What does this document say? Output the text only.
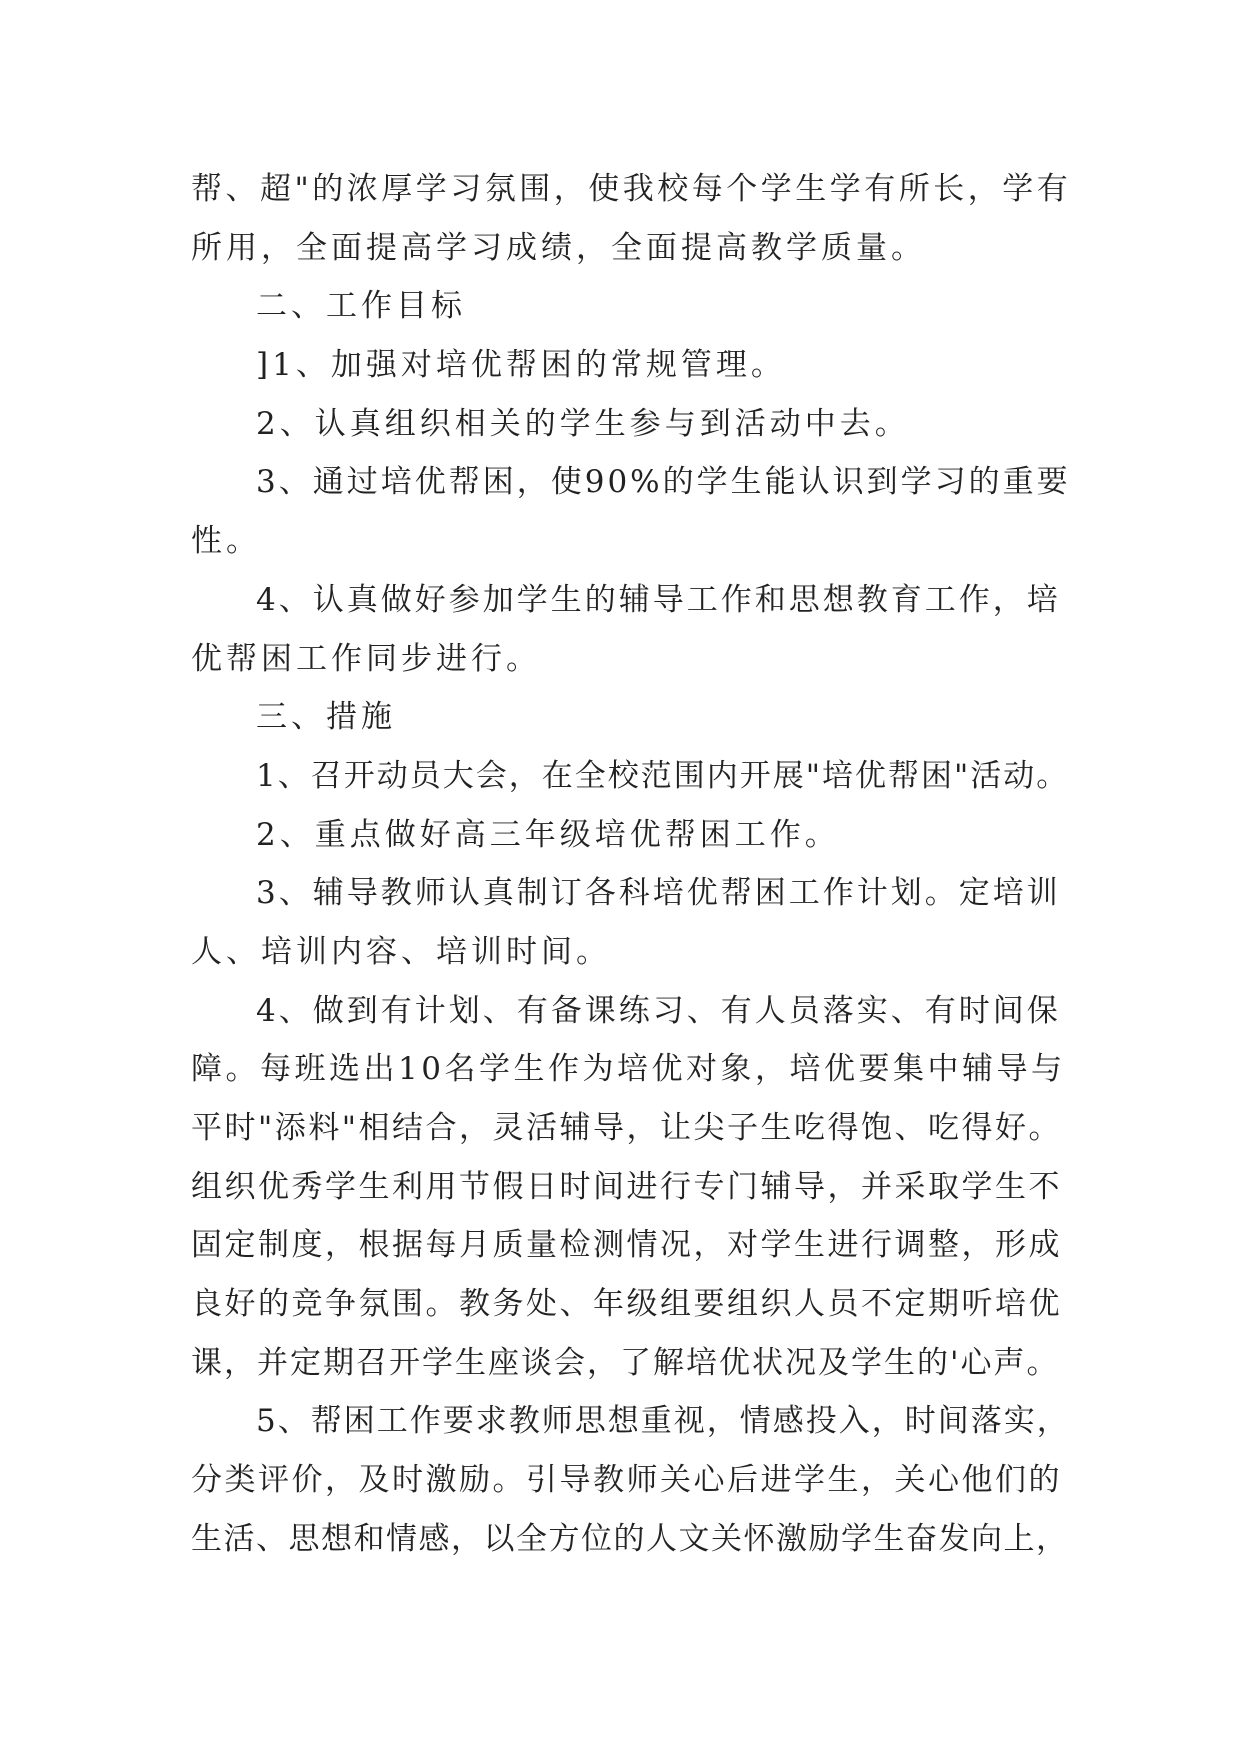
帮、超"的浓厚学习氛围，使我校每个学生学有所长，学有
所用，全面提高学习成绩，全面提高教学质量。
二、工作目标
]1、加强对培优帮困的常规管理。
2、认真组织相关的学生参与到活动中去。
3、通过培优帮困，使90%的学生能认识到学习的重要
性。
4、认真做好参加学生的辅导工作和思想教育工作，培
优帮困工作同步进行。
三、措施
1、召开动员大会，在全校范围内开展"培优帮困"活动。
2、重点做好高三年级培优帮困工作。
3、辅导教师认真制订各科培优帮困工作计划。定培训
人、培训内容、培训时间。
4、做到有计划、有备课练习、有人员落实、有时间保
障。每班选出10名学生作为培优对象，培优要集中辅导与
平时"添料"相结合，灵活辅导，让尖子生吃得饱、吃得好。
组织优秀学生利用节假日时间进行专门辅导，并采取学生不
固定制度，根据每月质量检测情况，对学生进行调整，形成
良好的竞争氛围。教务处、年级组要组织人员不定期听培优
课，并定期召开学生座谈会，了解培优状况及学生的'心声。
5、帮困工作要求教师思想重视，情感投入，时间落实，
分类评价，及时激励。引导教师关心后进学生，关心他们的
生活、思想和情感，以全方位的人文关怀激励学生奋发向上，
